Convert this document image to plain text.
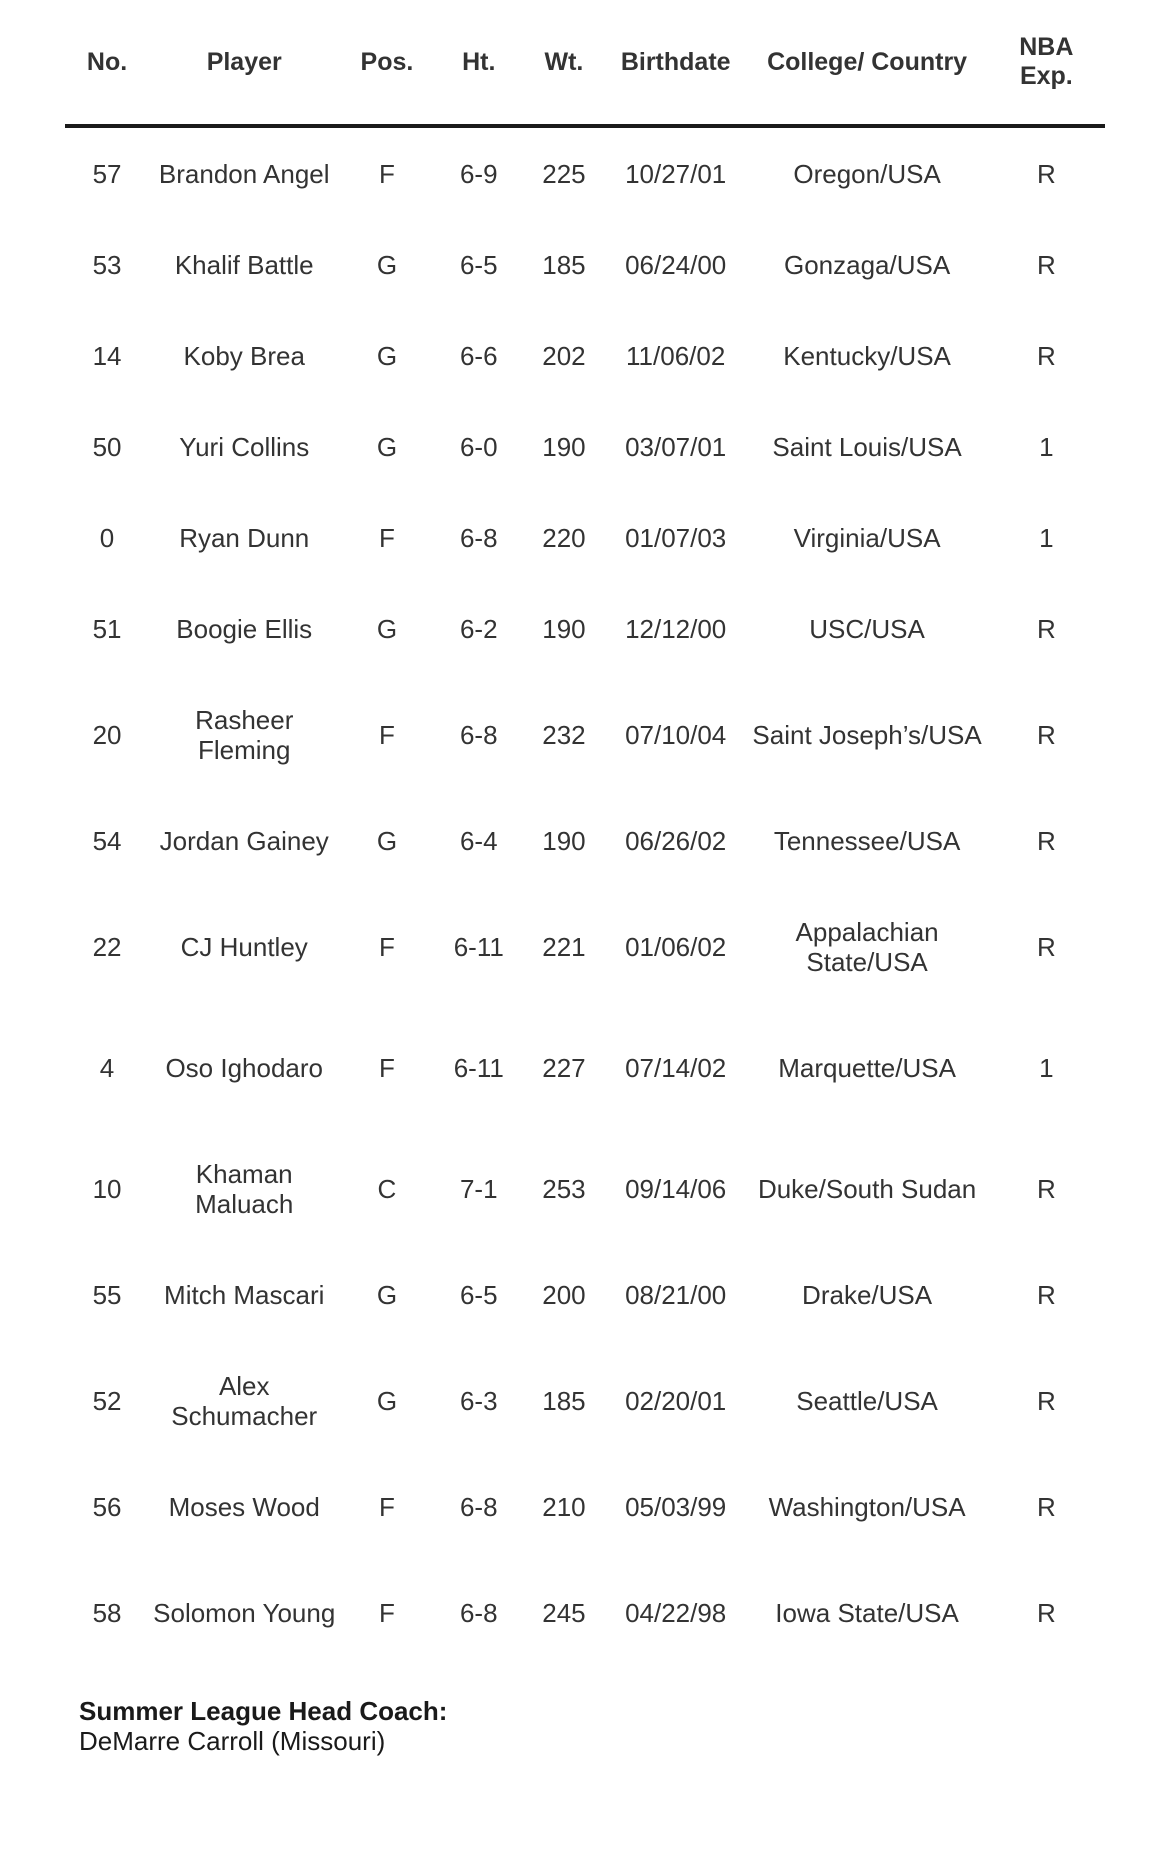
No.	Player	Pos.	Ht.	Wt.	Birthdate	College/ Country	NBA Exp.
57	Brandon Angel	F	6-9	225	10/27/01	Oregon/USA	R
53	Khalif Battle	G	6-5	185	06/24/00	Gonzaga/USA	R
14	Koby Brea	G	6-6	202	11/06/02	Kentucky/USA	R
50	Yuri Collins	G	6-0	190	03/07/01	Saint Louis/USA	1
0	Ryan Dunn	F	6-8	220	01/07/03	Virginia/USA	1
51	Boogie Ellis	G	6-2	190	12/12/00	USC/USA	R
20	Rasheer Fleming	F	6-8	232	07/10/04	Saint Joseph’s/USA	R
54	Jordan Gainey	G	6-4	190	06/26/02	Tennessee/USA	R
22	CJ Huntley	F	6-11	221	01/06/02	Appalachian State/USA	R
4	Oso Ighodaro	F	6-11	227	07/14/02	Marquette/USA	1
10	Khaman Maluach	C	7-1	253	09/14/06	Duke/South Sudan	R
55	Mitch Mascari	G	6-5	200	08/21/00	Drake/USA	R
52	Alex Schumacher	G	6-3	185	02/20/01	Seattle/USA	R
56	Moses Wood	F	6-8	210	05/03/99	Washington/USA	R
58	Solomon Young	F	6-8	245	04/22/98	Iowa State/USA	R
Summer League Head Coach:
DeMarre Carroll (Missouri)
